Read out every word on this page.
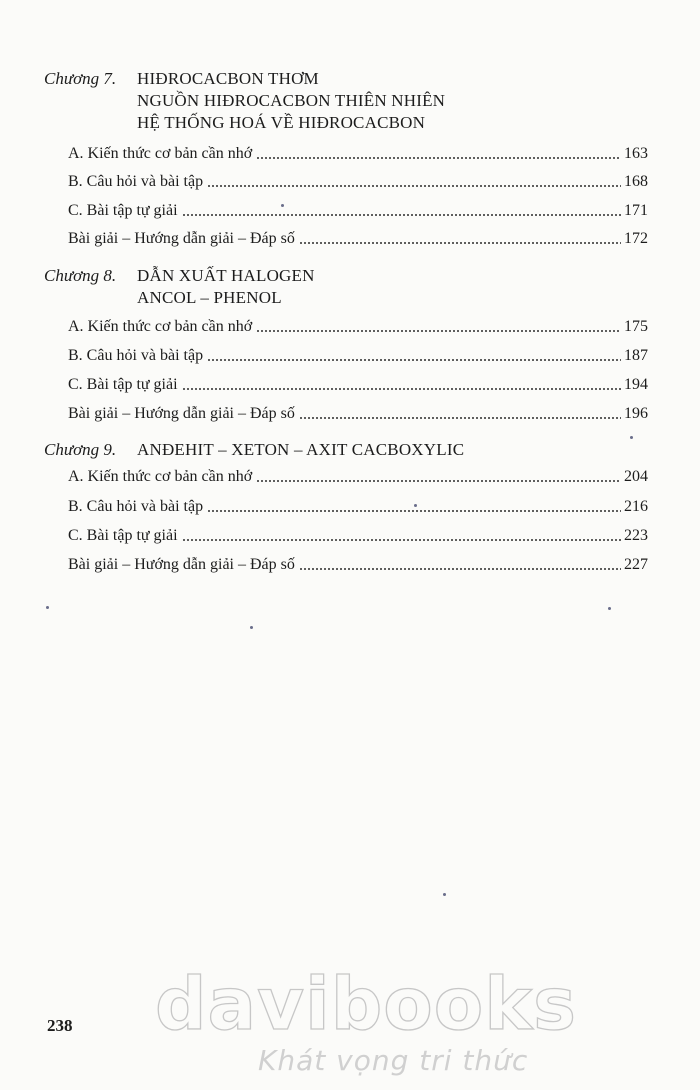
Chương 7. HIĐROCACBON THƠM
NGUỒN HIĐROCACBON THIÊN NHIÊN
HỆ THỐNG HOÁ VỀ HIĐROCACBON
A. Kiến thức cơ bản cần nhớ	163
B. Câu hỏi và bài tập	168
C. Bài tập tự giải	171
Bài giải – Hướng dẫn giải – Đáp số	172
Chương 8. DẪN XUẤT HALOGEN
ANCOL – PHENOL
A. Kiến thức cơ bản cần nhớ	175
B. Câu hỏi và bài tập	187
C. Bài tập tự giải	194
Bài giải – Hướng dẫn giải – Đáp số	196
Chương 9. ANĐEHIT – XETON – AXIT CACBOXYLIC
A. Kiến thức cơ bản cần nhớ	204
B. Câu hỏi và bài tập	216
C. Bài tập tự giải	223
Bài giải – Hướng dẫn giải – Đáp số	227
238 davibooks
Khát vọng tri thức
